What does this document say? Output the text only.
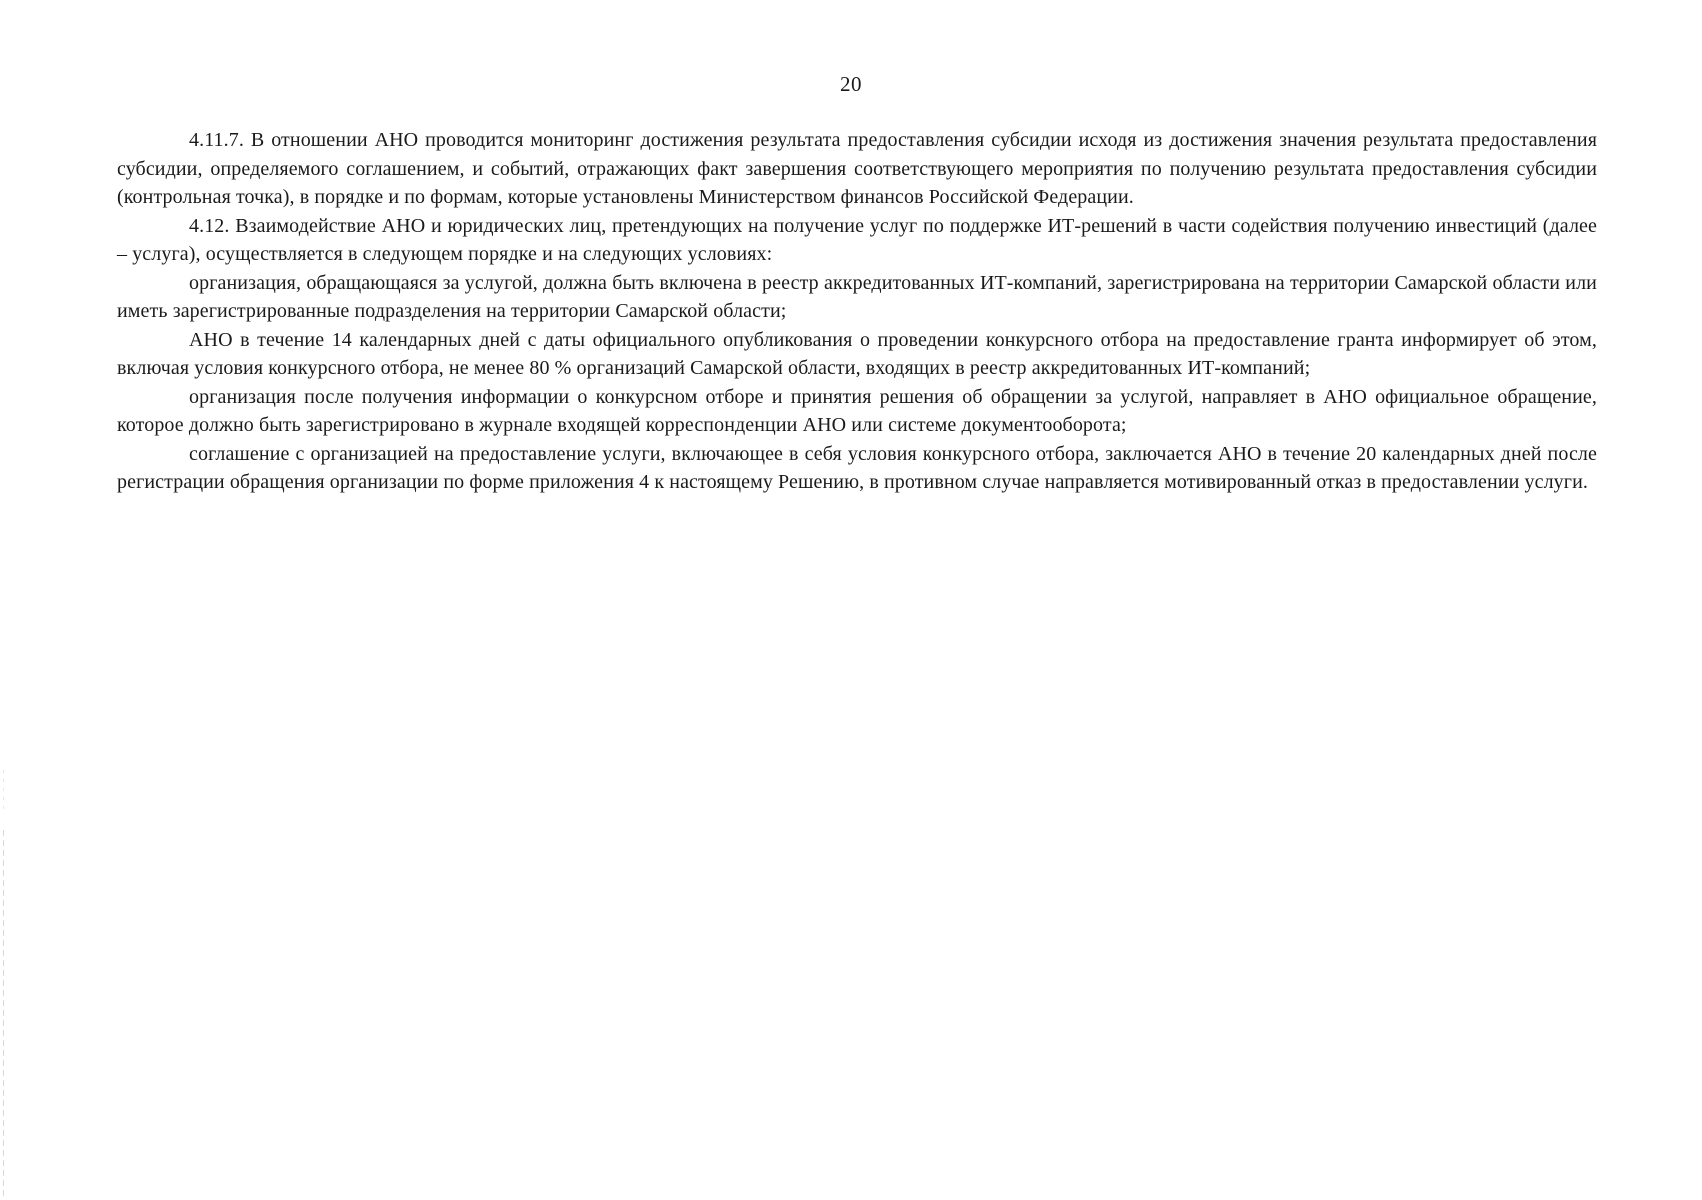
20

4.11.7. В отношении АНО проводится мониторинг достижения результата предоставления субсидии исходя из достижения значения результата предоставления субсидии, определяемого соглашением, и событий, отражающих факт завершения соответствующего мероприятия по получению результата предоставления субсидии (контрольная точка), в порядке и по формам, которые установлены Министерством финансов Российской Федерации.

4.12. Взаимодействие АНО и юридических лиц, претендующих на получение услуг по поддержке ИТ-решений в части содействия получению инвестиций (далее – услуга), осуществляется в следующем порядке и на следующих условиях:

организация, обращающаяся за услугой, должна быть включена в реестр аккредитованных ИТ-компаний, зарегистрирована на территории Самарской области или иметь зарегистрированные подразделения на территории Самарской области;

АНО в течение 14 календарных дней с даты официального опубликования о проведении конкурсного отбора на предоставление гранта информирует об этом, включая условия конкурсного отбора, не менее 80 % организаций Самарской области, входящих в реестр аккредитованных ИТ-компаний;

организация после получения информации о конкурсном отборе и принятия решения об обращении за услугой, направляет в АНО официальное обращение, которое должно быть зарегистрировано в журнале входящей корреспонденции АНО или системе документооборота;

соглашение с организацией на предоставление услуги, включающее в себя условия конкурсного отбора, заключается АНО в течение 20 календарных дней после регистрации обращения организации по форме приложения 4 к настоящему Решению, в противном случае направляется мотивированный отказ в предоставлении услуги.
